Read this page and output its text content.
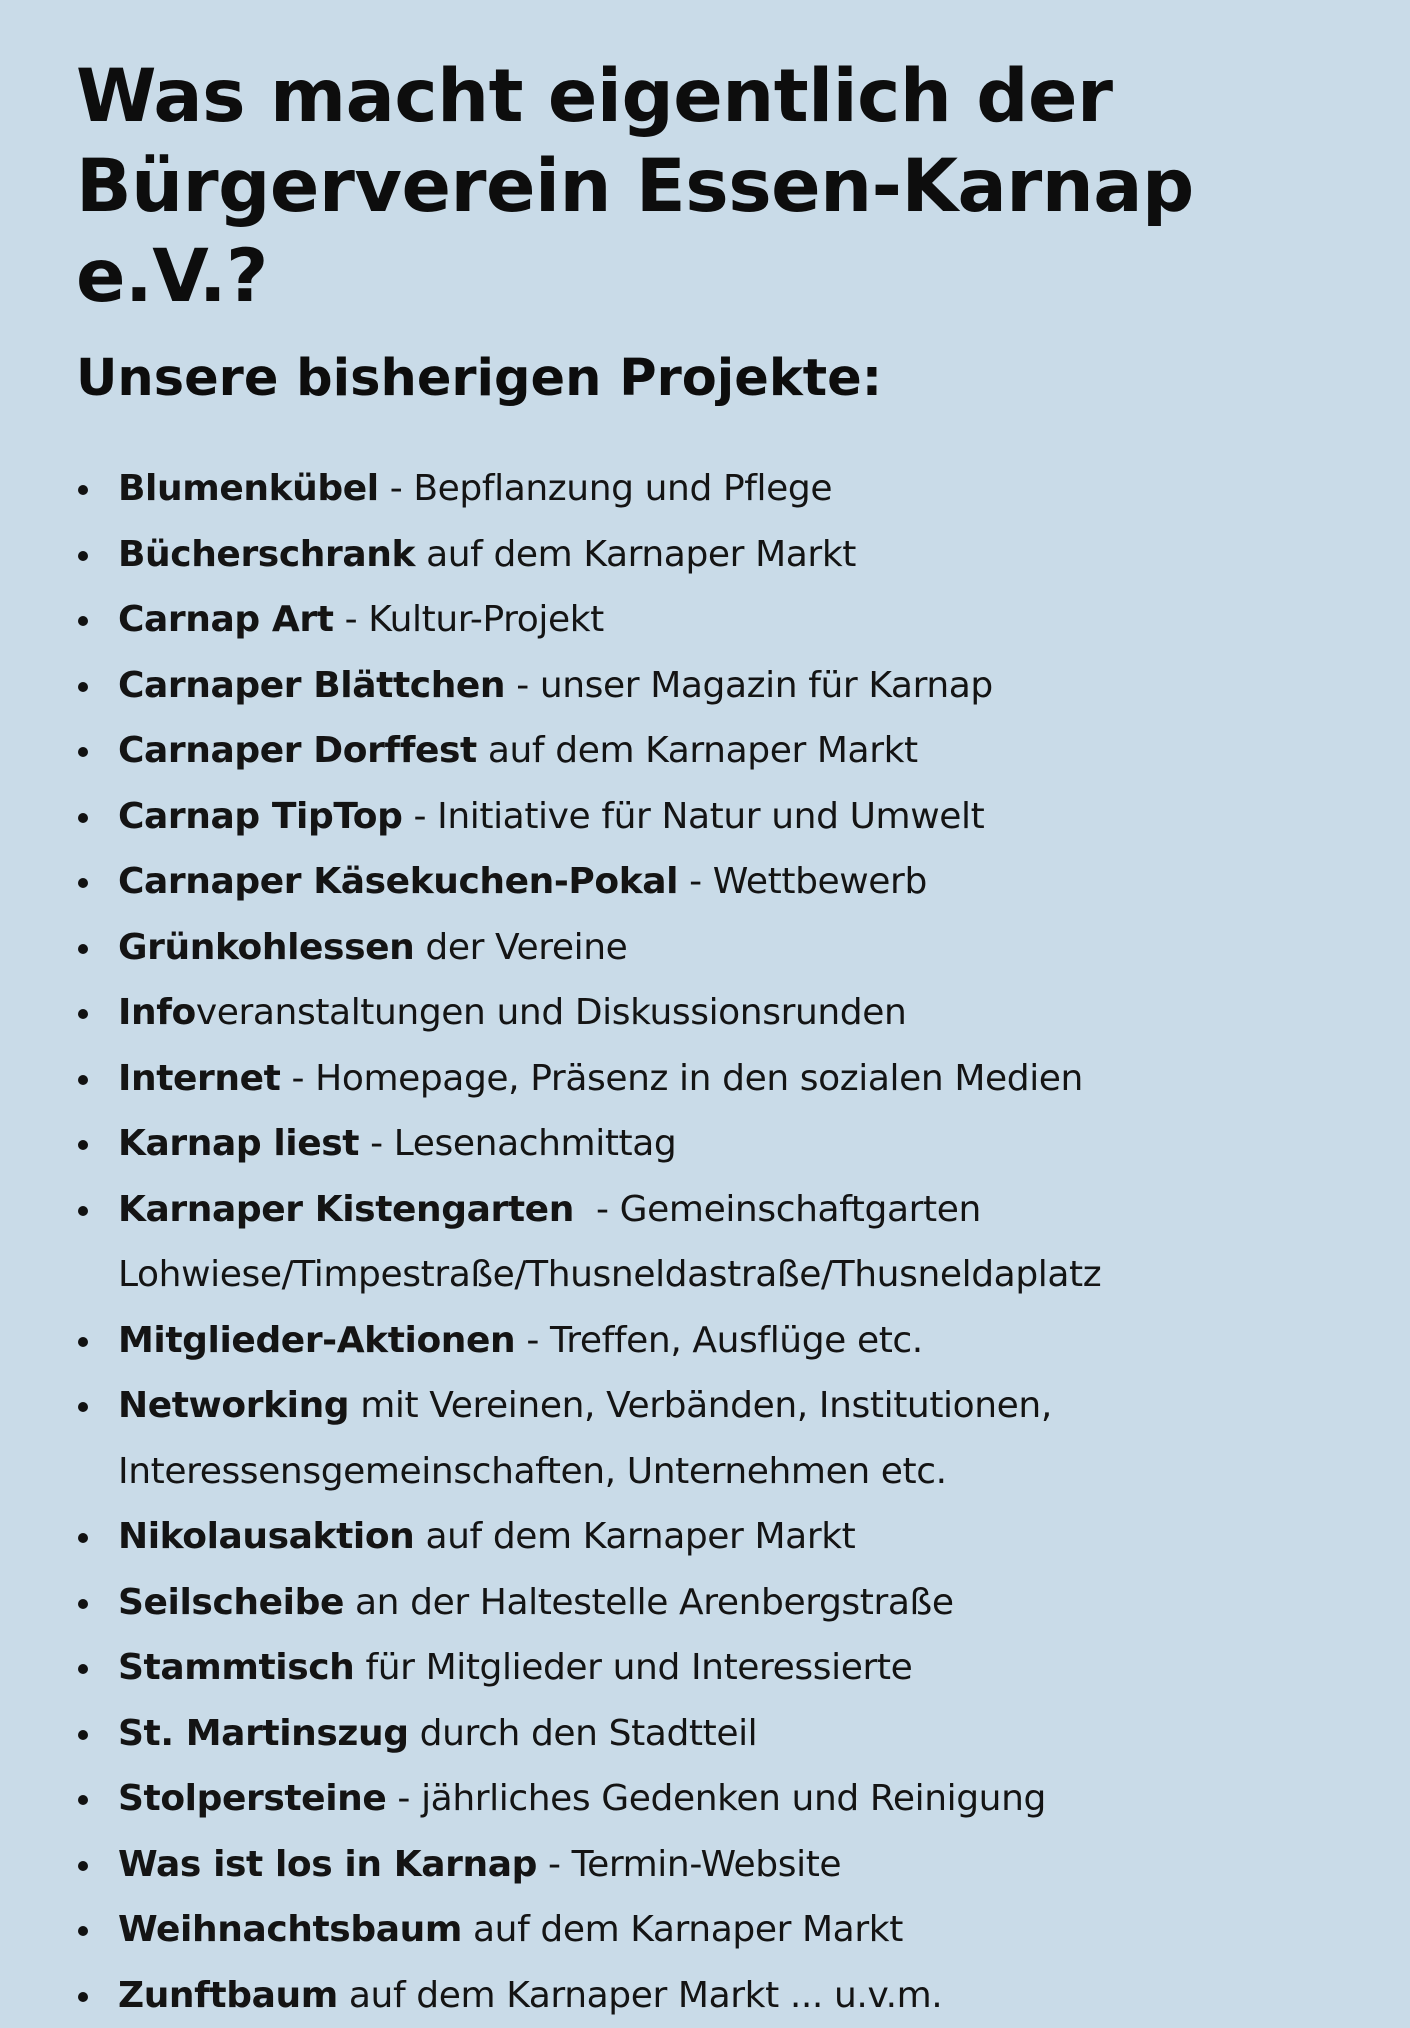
Was macht eigentlich der
Bürgerverein Essen-Karnap e.V.?
Unsere bisherigen Projekte:
Blumenkübel - Bepflanzung und Pflege
Bücherschrank auf dem Karnaper Markt
Carnap Art - Kultur-Projekt
Carnaper Blättchen - unser Magazin für Karnap
Carnaper Dorffest auf dem Karnaper Markt
Carnap TipTop - Initiative für Natur und Umwelt
Carnaper Käsekuchen-Pokal - Wettbewerb
Grünkohlessen der Vereine
Infoveranstaltungen und Diskussionsrunden
Internet - Homepage, Präsenz in den sozialen Medien
Karnap liest - Lesenachmittag
Karnaper Kistengarten  - Gemeinschaftgarten
Lohwiese/Timpestraße/Thusneldastraße/Thusneldaplatz
Mitglieder-Aktionen - Treffen, Ausflüge etc.
Networking mit Vereinen, Verbänden, Institutionen,
Interessensgemeinschaften, Unternehmen etc.
Nikolausaktion auf dem Karnaper Markt
Seilscheibe an der Haltestelle Arenbergstraße
Stammtisch für Mitglieder und Interessierte
St. Martinszug durch den Stadtteil
Stolpersteine - jährliches Gedenken und Reinigung
Was ist los in Karnap - Termin-Website
Weihnachtsbaum auf dem Karnaper Markt
Zunftbaum auf dem Karnaper Markt ... u.v.m.
